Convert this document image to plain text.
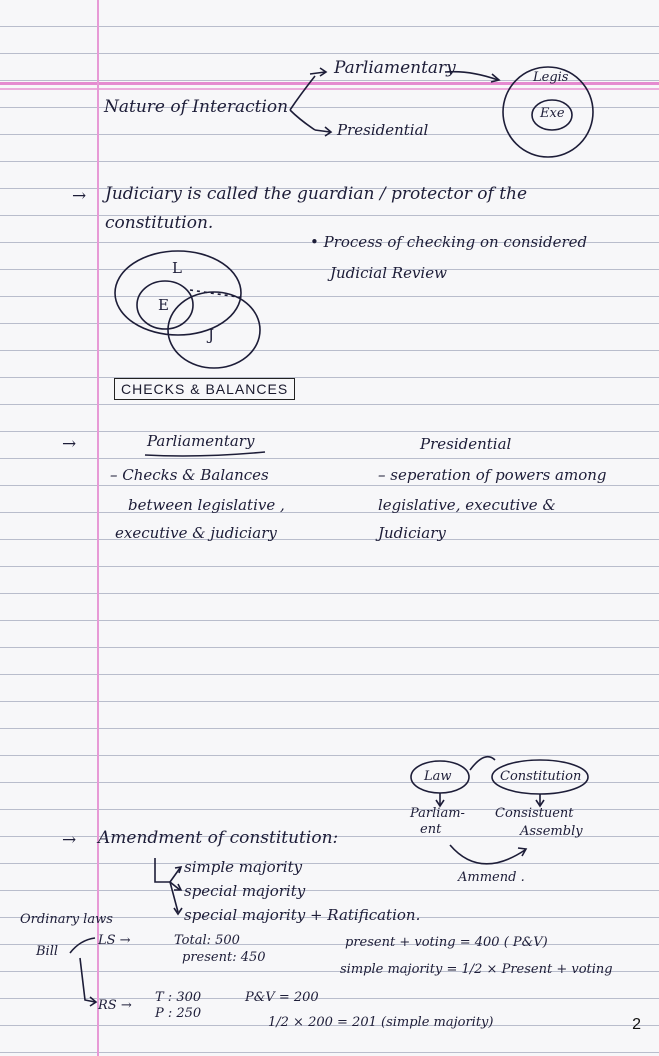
Nature of Interaction
Parliamentary
Presidential
Legis
Exe
→ Judiciary is called the guardian / protector of the
constitution.
• Process of checking on considered
Judicial Review
L
E
J
CHECKS & BALANCES
→	Parliamentary
– Checks & Balances
between legislative ,
executive & judiciary
Presidential
– seperation of powers among
legislative, executive &
Judiciary
Law	Constitution
Parliam-
ent
Consistuent
Assembly
Ammend .
→ Amendment of constitution:
simple majority
special majority
special majority + Ratification.
Ordinary laws
Bill
LS →	Total: 500
present: 450
present + voting = 400 ( P&V)
simple majority = 1/2 × Present + voting
RS →
T : 300
P : 250
P&V = 200
1/2 × 200 = 201 (simple majority)	2
